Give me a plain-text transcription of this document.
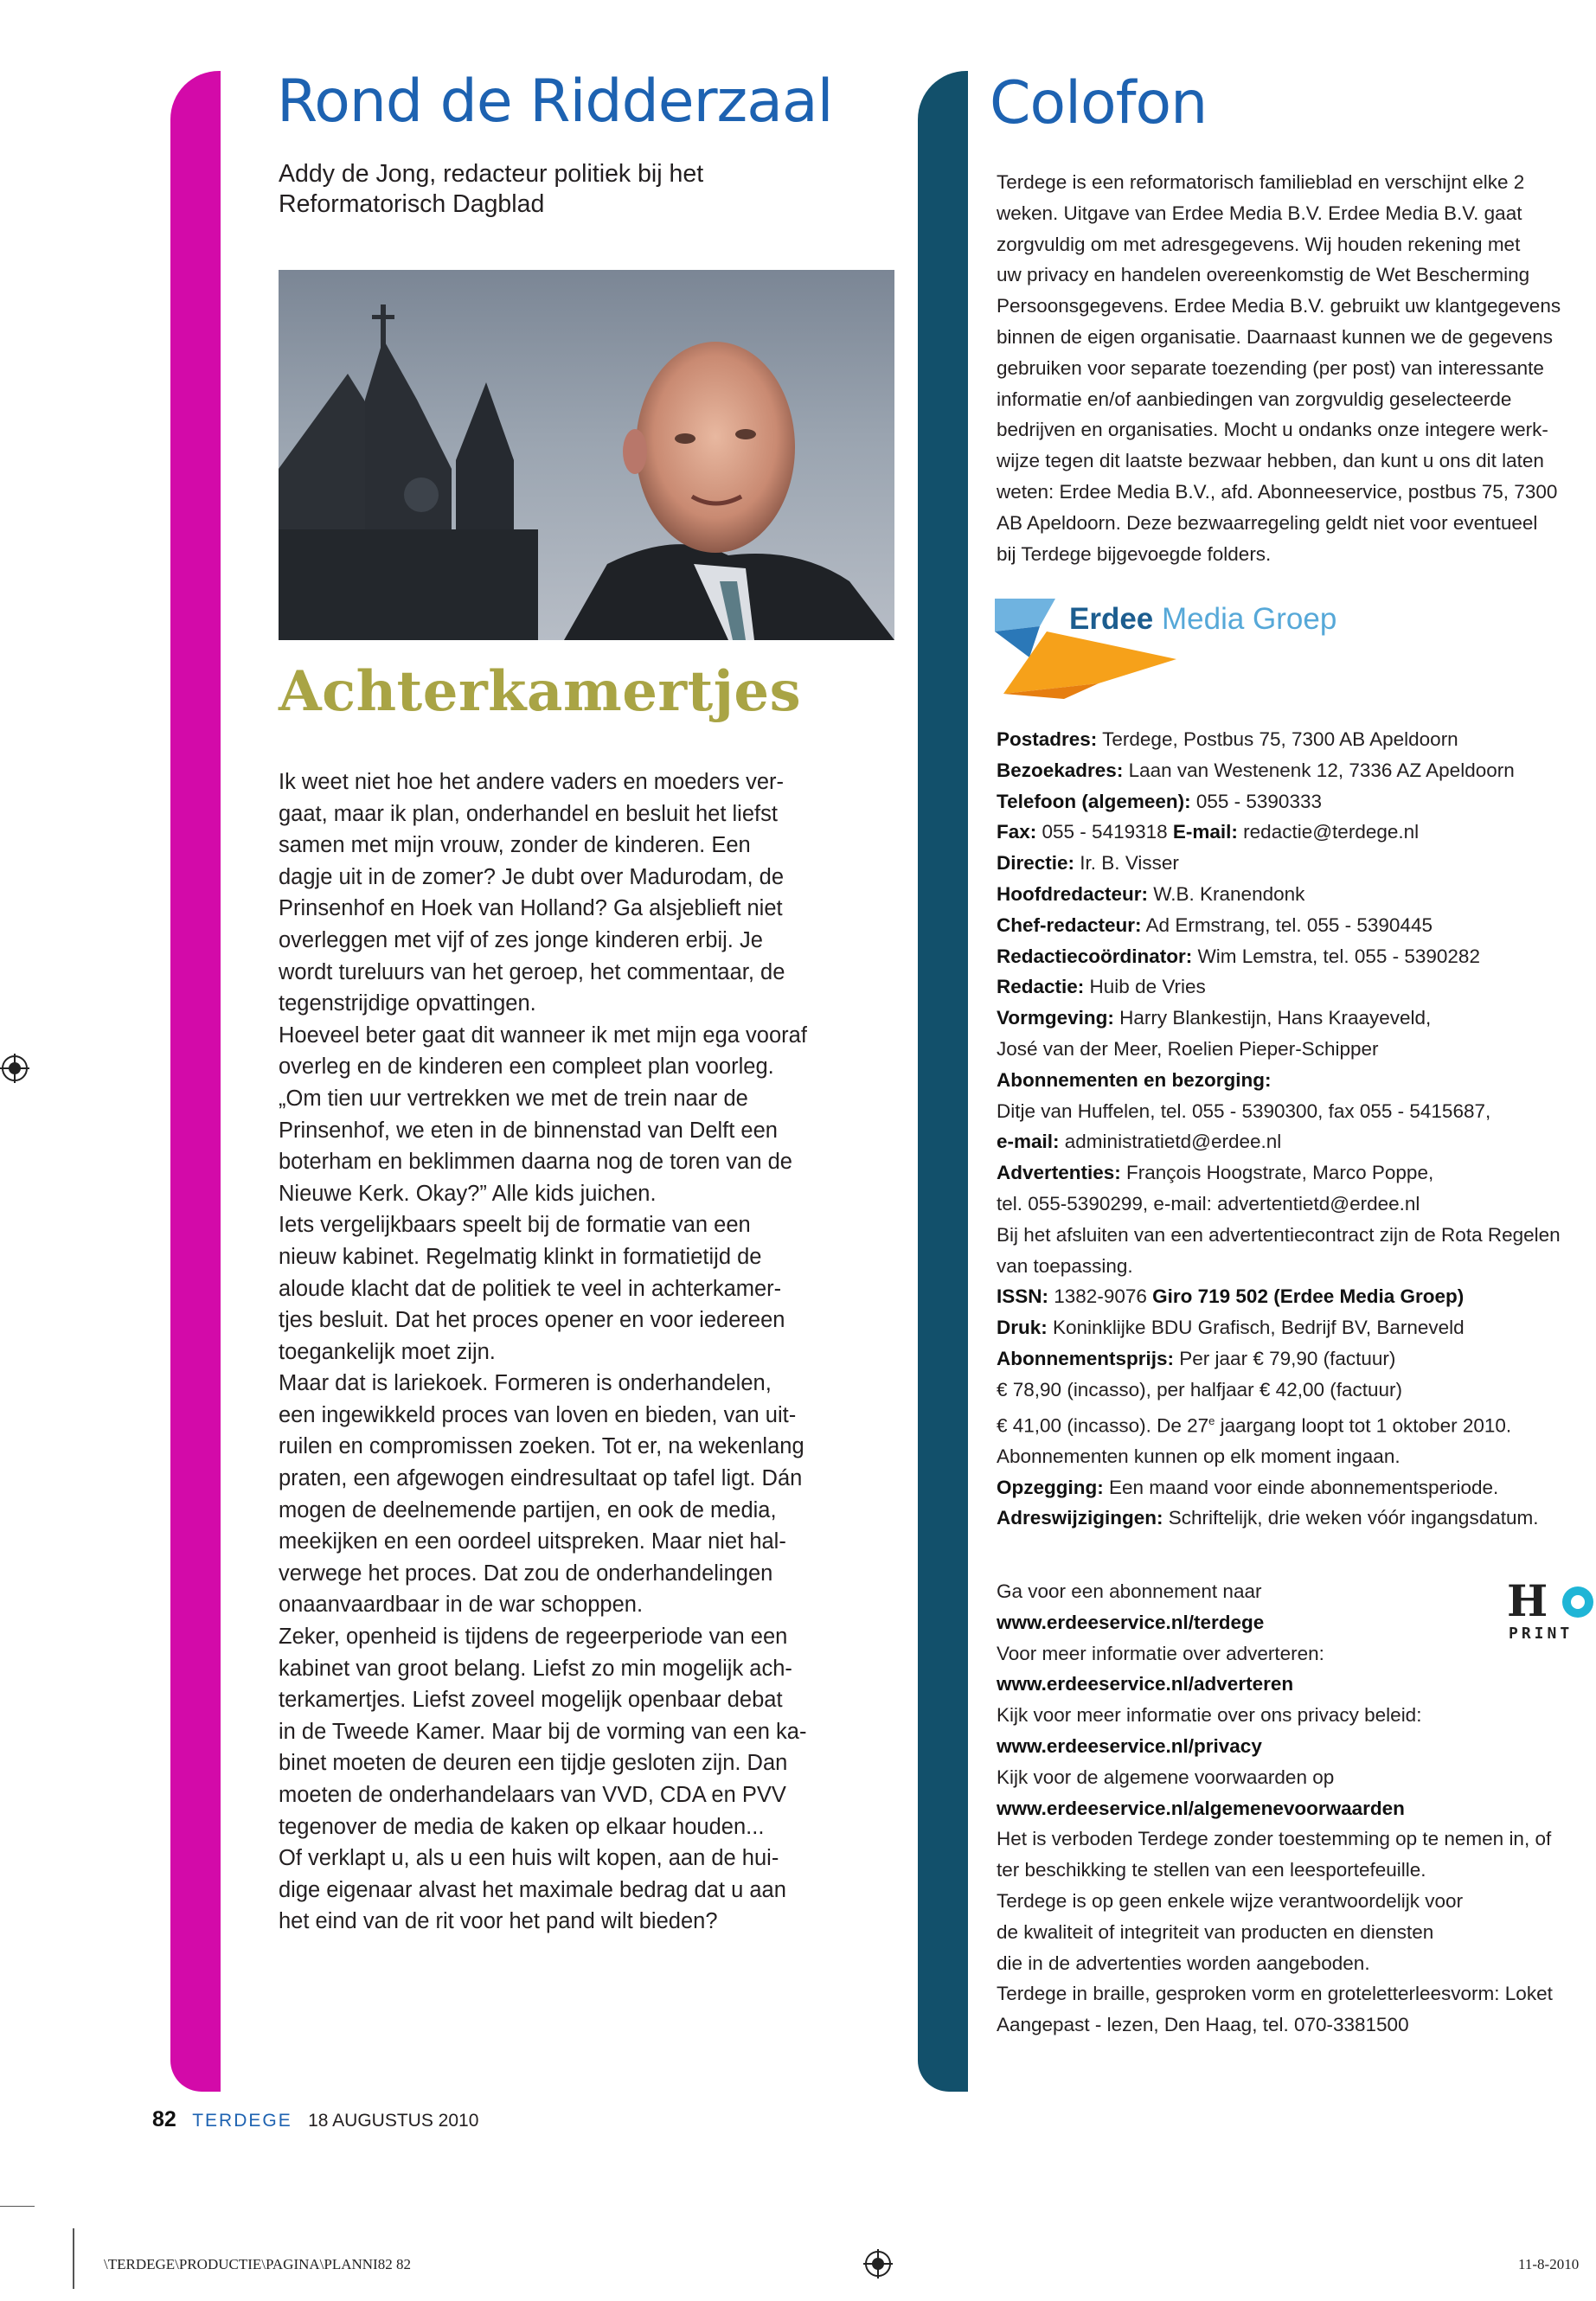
Rond de Ridderzaal
Addy de Jong, redacteur politiek bij het
Reformatorisch Dagblad
Achterkamertjes

Ik weet niet hoe het andere vaders en moeders ver-
gaat, maar ik plan, onderhandel en besluit het liefst
samen met mijn vrouw, zonder de kinderen. Een
dagje uit in de zomer? Je dubt over Madurodam, de
Prinsenhof en Hoek van Holland? Ga alsjeblieft niet
overleggen met vijf of zes jonge kinderen erbij. Je
wordt tureluurs van het geroep, het commentaar, de
tegenstrijdige opvattingen.

Hoeveel beter gaat dit wanneer ik met mijn ega vooraf
overleg en de kinderen een compleet plan voorleg.
„Om tien uur vertrekken we met de trein naar de
Prinsenhof, we eten in de binnenstad van Delft een
boterham en beklimmen daarna nog de toren van de
Nieuwe Kerk. Okay?” Alle kids juichen.

Iets vergelijkbaars speelt bij de formatie van een
nieuw kabinet. Regelmatig klinkt in formatietijd de
aloude klacht dat de politiek te veel in achterkamer-
tjes besluit. Dat het proces opener en voor iedereen
toegankelijk moet zijn.

Maar dat is lariekoek. Formeren is onderhandelen,
een ingewikkeld proces van loven en bieden, van uit-
ruilen en compromissen zoeken. Tot er, na wekenlang
praten, een afgewogen eindresultaat op tafel ligt. Dán
mogen de deelnemende partijen, en ook de media,
meekijken en een oordeel uitspreken. Maar niet hal-
verwege het proces. Dat zou de onderhandelingen
onaanvaardbaar in de war schoppen.

Zeker, openheid is tijdens de regeerperiode van een
kabinet van groot belang. Liefst zo min mogelijk ach-
terkamertjes. Liefst zoveel mogelijk openbaar debat
in de Tweede Kamer. Maar bij de vorming van een ka-
binet moeten de deuren een tijdje gesloten zijn. Dan
moeten de onderhandelaars van VVD, CDA en PVV
tegenover de media de kaken op elkaar houden...

Of verklapt u, als u een huis wilt kopen, aan de hui-
dige eigenaar alvast het maximale bedrag dat u aan
het eind van de rit voor het pand wilt bieden?

Colofon
Terdege is een reformatorisch familieblad en verschijnt elke 2
weken. Uitgave van Erdee Media B.V. Erdee Media B.V. gaat
zorgvuldig om met adresgegevens. Wij houden rekening met
uw privacy en handelen overeenkomstig de Wet Bescherming
Persoonsgegevens. Erdee Media B.V. gebruikt uw klantgegevens
binnen de eigen organisatie. Daarnaast kunnen we de gegevens
gebruiken voor separate toezending (per post) van interessante
informatie en/of aanbiedingen van zorgvuldig geselecteerde
bedrijven en organisaties. Mocht u ondanks onze integere werk-
wijze tegen dit laatste bezwaar hebben, dan kunt u ons dit laten
weten: Erdee Media B.V., afd. Abonneeservice, postbus 75, 7300
AB Apeldoorn. Deze bezwaarregeling geldt niet voor eventueel
bij Terdege bijgevoegde folders.
Erdee Media Groep
Postadres: Terdege, Postbus 75, 7300 AB Apeldoorn
Bezoekadres: Laan van Westenenk 12, 7336 AZ Apeldoorn
Telefoon (algemeen): 055 - 5390333
Fax: 055 - 5419318 E-mail: redactie@terdege.nl
Directie: Ir. B. Visser
Hoofdredacteur: W.B. Kranendonk
Chef-redacteur: Ad Ermstrang, tel. 055 - 5390445
Redactiecoördinator: Wim Lemstra, tel. 055 - 5390282
Redactie: Huib de Vries
Vormgeving: Harry Blankestijn, Hans Kraayeveld,
José van der Meer, Roelien Pieper-Schipper
Abonnementen en bezorging:
Ditje van Huffelen, tel. 055 - 5390300, fax 055 - 5415687,
e-mail: administratietd@erdee.nl
Advertenties: François Hoogstrate, Marco Poppe,
tel. 055-5390299, e-mail: advertentietd@erdee.nl
Bij het afsluiten van een advertentiecontract zijn de Rota Regelen
van toepassing.
ISSN: 1382-9076 Giro 719 502 (Erdee Media Groep)
Druk: Koninklijke BDU Grafisch, Bedrijf BV, Barneveld
Abonnementsprijs: Per jaar € 79,90 (factuur)
€ 78,90 (incasso), per halfjaar € 42,00 (factuur)
€ 41,00 (incasso). De 27e jaargang loopt tot 1 oktober 2010.
Abonnementen kunnen op elk moment ingaan.
Opzegging: Een maand voor einde abonnementsperiode.
Adreswijzigingen: Schriftelijk, drie weken vóór ingangsdatum.
Ga voor een abonnement naar
www.erdeeservice.nl/terdege
Voor meer informatie over adverteren:
www.erdeeservice.nl/adverteren
Kijk voor meer informatie over ons privacy beleid:
www.erdeeservice.nl/privacy
Kijk voor de algemene voorwaarden op
www.erdeeservice.nl/algemenevoorwaarden
Het is verboden Terdege zonder toestemming op te nemen in, of
ter beschikking te stellen van een leesportefeuille.
Terdege is op geen enkele wijze verantwoordelijk voor
de kwaliteit of integriteit van producten en diensten
die in de advertenties worden aangeboden.
Terdege in braille, gesproken vorm en groteletterleesvorm: Loket
Aangepast - lezen, Den Haag, tel. 070-3381500
H
PRINT
82 TERDEGE 18 AUGUSTUS 2010
\TERDEGE\PRODUCTIE\PAGINA\PLANNI82 82	11-8-2010
